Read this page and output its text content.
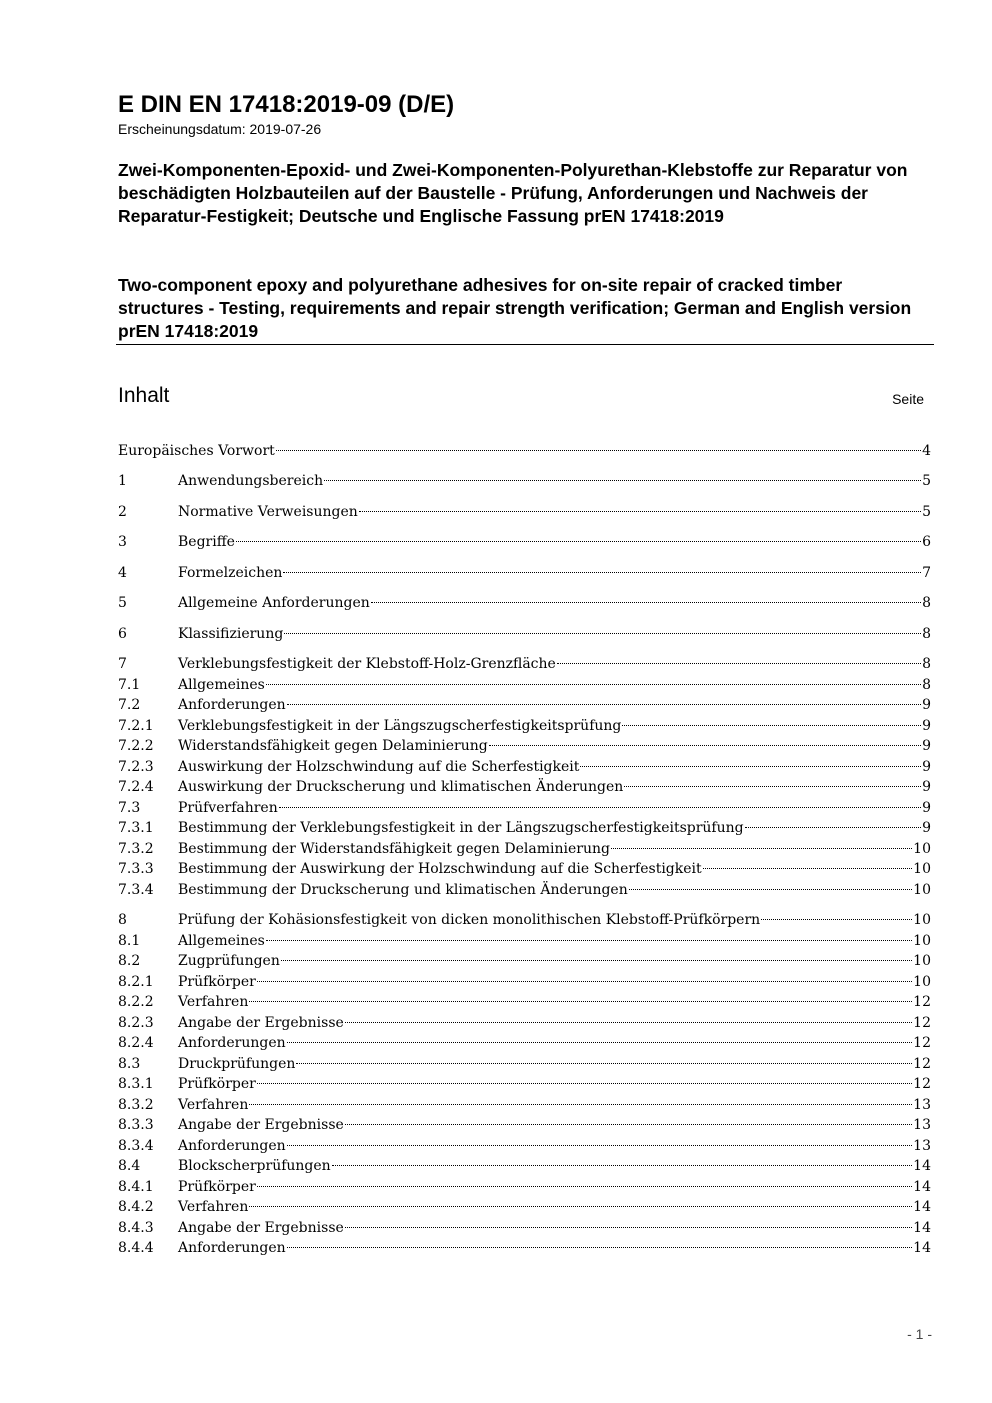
E DIN EN 17418:2019-09 (D/E)
Erscheinungsdatum: 2019-07-26
Zwei-Komponenten-Epoxid- und Zwei-Komponenten-Polyurethan-Klebstoffe zur Reparatur von beschädigten Holzbauteilen auf der Baustelle - Prüfung, Anforderungen und Nachweis der Reparatur-Festigkeit; Deutsche und Englische Fassung prEN 17418:2019
Two-component epoxy and polyurethane adhesives for on-site repair of cracked timber structures - Testing, requirements and repair strength verification; German and English version prEN 17418:2019
Inhalt	Seite
Europäisches Vorwort	4
1	Anwendungsbereich	5
2	Normative Verweisungen	5
3	Begriffe	6
4	Formelzeichen	7
5	Allgemeine Anforderungen	8
6	Klassifizierung	8
7	Verklebungsfestigkeit der Klebstoff-Holz-Grenzfläche	8
7.1	Allgemeines	8
7.2	Anforderungen	9
7.2.1	Verklebungsfestigkeit in der Längszugscherfestigkeitsprüfung	9
7.2.2	Widerstandsfähigkeit gegen Delaminierung	9
7.2.3	Auswirkung der Holzschwindung auf die Scherfestigkeit	9
7.2.4	Auswirkung der Druckscherung und klimatischen Änderungen	9
7.3	Prüfverfahren	9
7.3.1	Bestimmung der Verklebungsfestigkeit in der Längszugscherfestigkeitsprüfung	9
7.3.2	Bestimmung der Widerstandsfähigkeit gegen Delaminierung	10
7.3.3	Bestimmung der Auswirkung der Holzschwindung auf die Scherfestigkeit	10
7.3.4	Bestimmung der Druckscherung und klimatischen Änderungen	10
8	Prüfung der Kohäsionsfestigkeit von dicken monolithischen Klebstoff-Prüfkörpern	10
8.1	Allgemeines	10
8.2	Zugprüfungen	10
8.2.1	Prüfkörper	10
8.2.2	Verfahren	12
8.2.3	Angabe der Ergebnisse	12
8.2.4	Anforderungen	12
8.3	Druckprüfungen	12
8.3.1	Prüfkörper	12
8.3.2	Verfahren	13
8.3.3	Angabe der Ergebnisse	13
8.3.4	Anforderungen	13
8.4	Blockscherprüfungen	14
8.4.1	Prüfkörper	14
8.4.2	Verfahren	14
8.4.3	Angabe der Ergebnisse	14
8.4.4	Anforderungen	14
- 1 -
